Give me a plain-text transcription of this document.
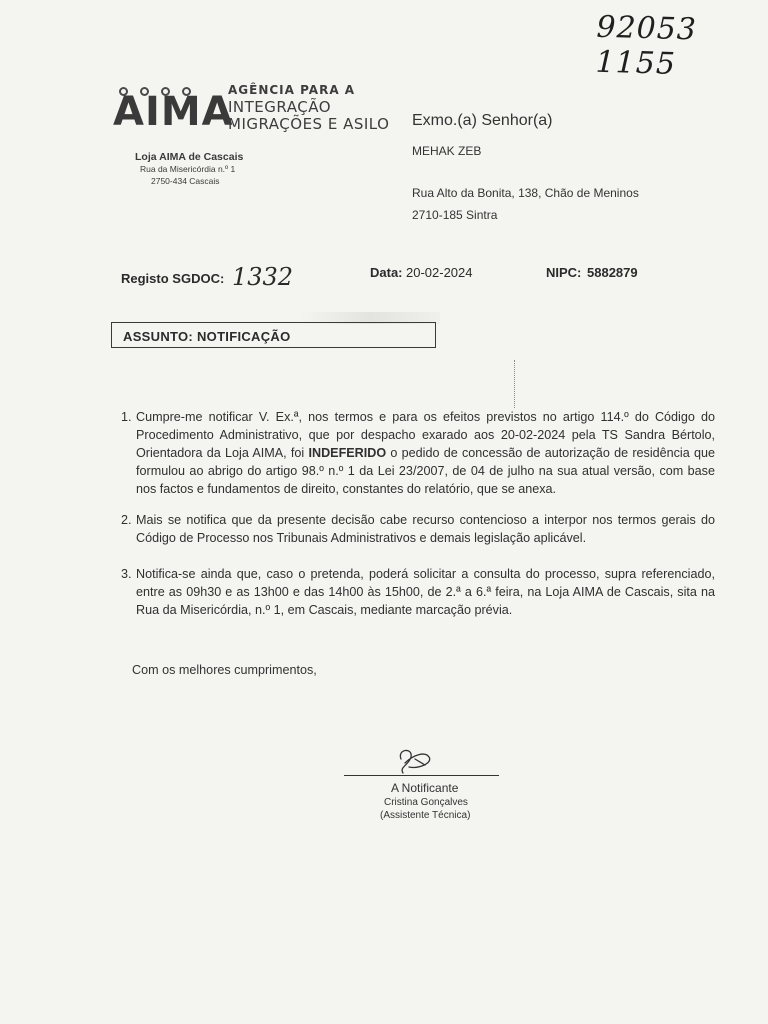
92053 1155
AIMA
AGÊNCIA PARA A
INTEGRAÇÃO
MIGRAÇÕES E ASILO
Loja AIMA de Cascais
Rua da Misericórdia n.º 1
2750-434 Cascais
Exmo.(a) Senhor(a)
MEHAK ZEB
Rua Alto da Bonita, 138, Chão de Meninos
2710-185 Sintra
Registo SGDOC: 1332	Data: 20-02-2024	NIPC: 5882879
ASSUNTO: NOTIFICAÇÃO
1. Cumpre-me notificar V. Ex.ª, nos termos e para os efeitos previstos no artigo 114.º do Código do Procedimento Administrativo, que por despacho exarado aos 20-02-2024 pela TS Sandra Bértolo, Orientadora da Loja AIMA, foi INDEFERIDO o pedido de concessão de autorização de residência que formulou ao abrigo do artigo 98.º n.º 1 da Lei 23/2007, de 04 de julho na sua atual versão, com base nos factos e fundamentos de direito, constantes do relatório, que se anexa.
2. Mais se notifica que da presente decisão cabe recurso contencioso a interpor nos termos gerais do Código de Processo nos Tribunais Administrativos e demais legislação aplicável.
3. Notifica-se ainda que, caso o pretenda, poderá solicitar a consulta do processo, supra referenciado, entre as 09h30 e as 13h00 e das 14h00 às 15h00, de 2.ª a 6.ª feira, na Loja AIMA de Cascais, sita na Rua da Misericórdia, n.º 1, em Cascais, mediante marcação prévia.
Com os melhores cumprimentos,
A Notificante
Cristina Gonçalves
(Assistente Técnica)
